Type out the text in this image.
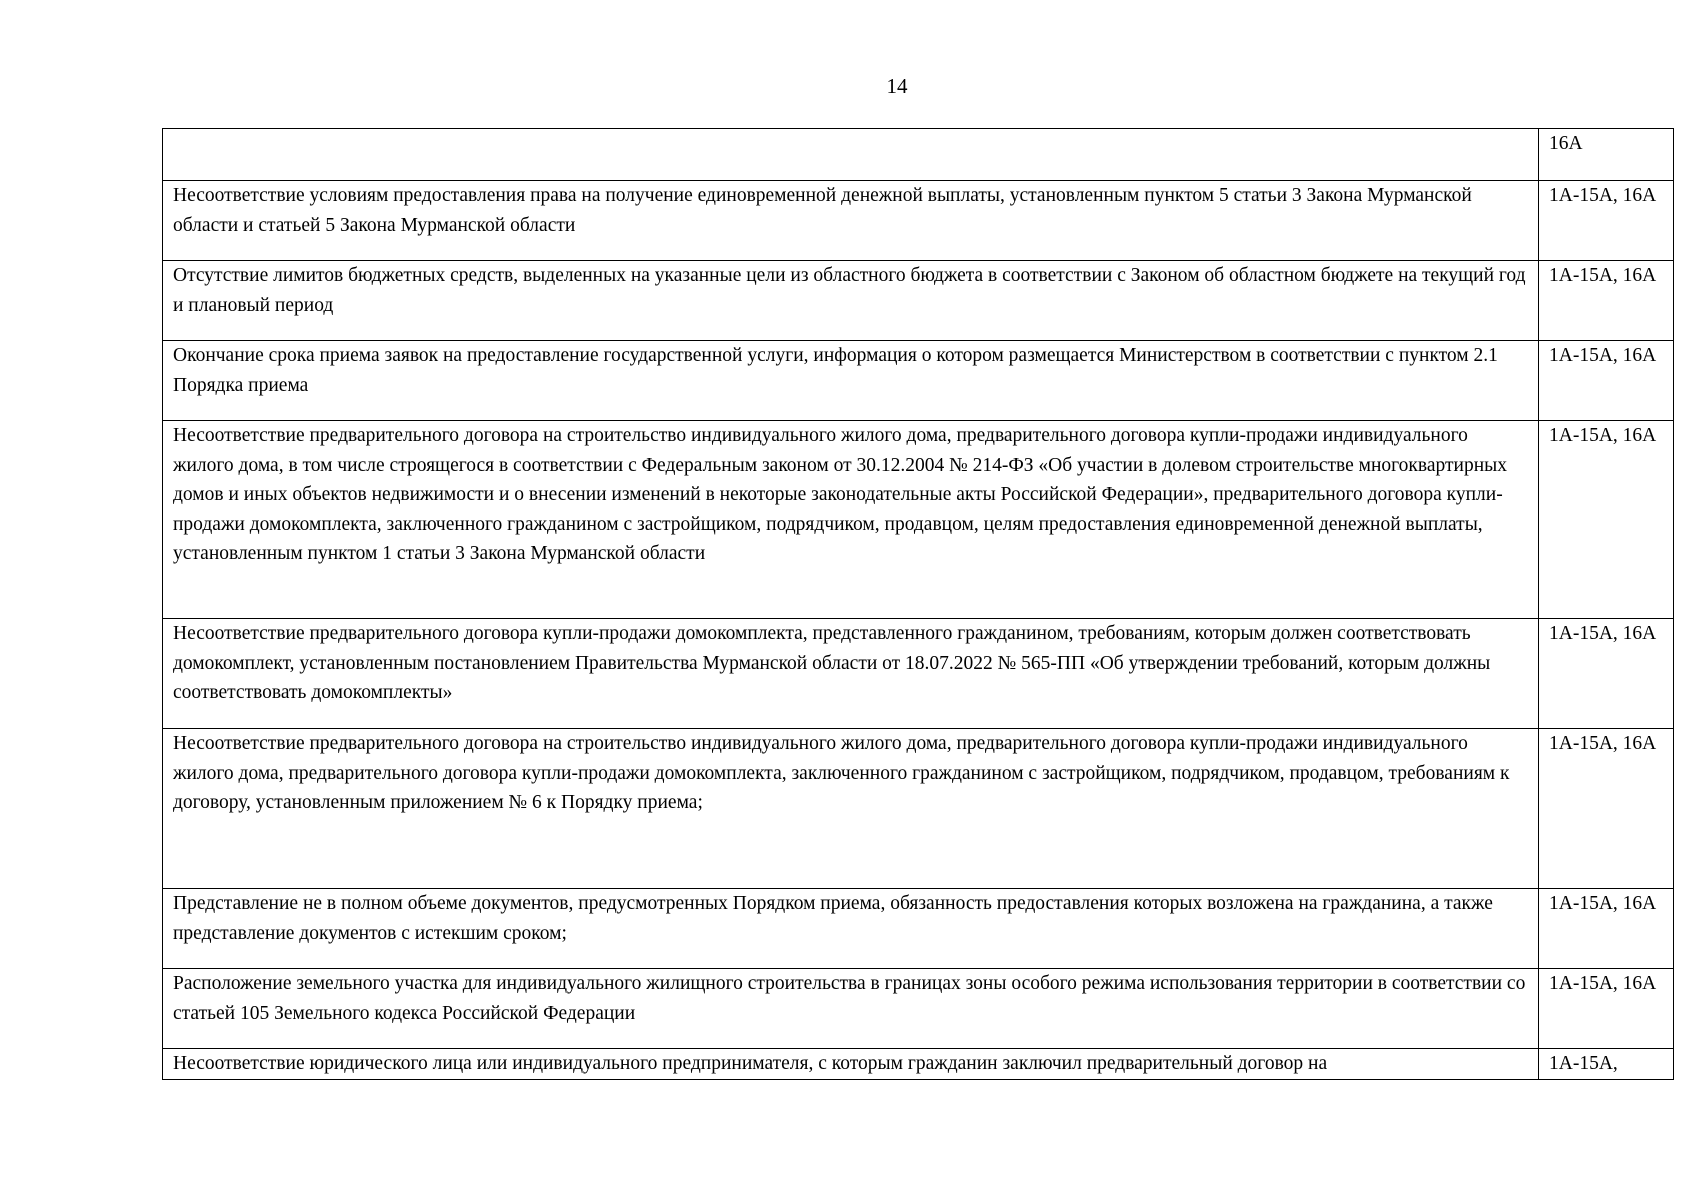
14

	16А

Несоответствие условиям предоставления права на получение единовременной денежной выплаты, установленным пунктом 5 статьи 3 Закона Мурманской области и статьей 5 Закона Мурманской области	1А-15А, 16А

Отсутствие лимитов бюджетных средств, выделенных на указанные цели из областного бюджета в соответствии с Законом об областном бюджете на текущий год и плановый период	1А-15А, 16А

Окончание срока приема заявок на предоставление государственной услуги, информация о котором размещается Министерством в соответствии с пунктом 2.1 Порядка приема	1А-15А, 16А

Несоответствие предварительного договора на строительство индивидуального жилого дома, предварительного договора купли-продажи индивидуального жилого дома, в том числе строящегося в соответствии с Федеральным законом от 30.12.2004 № 214-ФЗ «Об участии в долевом строительстве многоквартирных домов и иных объектов недвижимости и о внесении изменений в некоторые законодательные акты Российской Федерации», предварительного договора купли-продажи домокомплекта, заключенного гражданином с застройщиком, подрядчиком, продавцом, целям предоставления единовременной денежной выплаты, установленным пунктом 1 статьи 3 Закона Мурманской области	1А-15А, 16А

Несоответствие предварительного договора купли-продажи домокомплекта, представленного гражданином, требованиям, которым должен соответствовать домокомплект, установленным постановлением Правительства Мурманской области от 18.07.2022 № 565-ПП «Об утверждении требований, которым должны соответствовать домокомплекты»	1А-15А, 16А

Несоответствие предварительного договора на строительство индивидуального жилого дома, предварительного договора купли-продажи индивидуального жилого дома, предварительного договора купли-продажи домокомплекта, заключенного гражданином с застройщиком, подрядчиком, продавцом, требованиям к договору, установленным приложением № 6 к Порядку приема;	1А-15А, 16А

Представление не в полном объеме документов, предусмотренных Порядком приема, обязанность предоставления которых возложена на гражданина, а также представление документов с истекшим сроком;	1А-15А, 16А

Расположение земельного участка для индивидуального жилищного строительства в границах зоны особого режима использования территории в соответствии со статьей 105 Земельного кодекса Российской Федерации	1А-15А, 16А

Несоответствие юридического лица или индивидуального предпринимателя, с которым гражданин заключил предварительный договор на	1А-15А,
